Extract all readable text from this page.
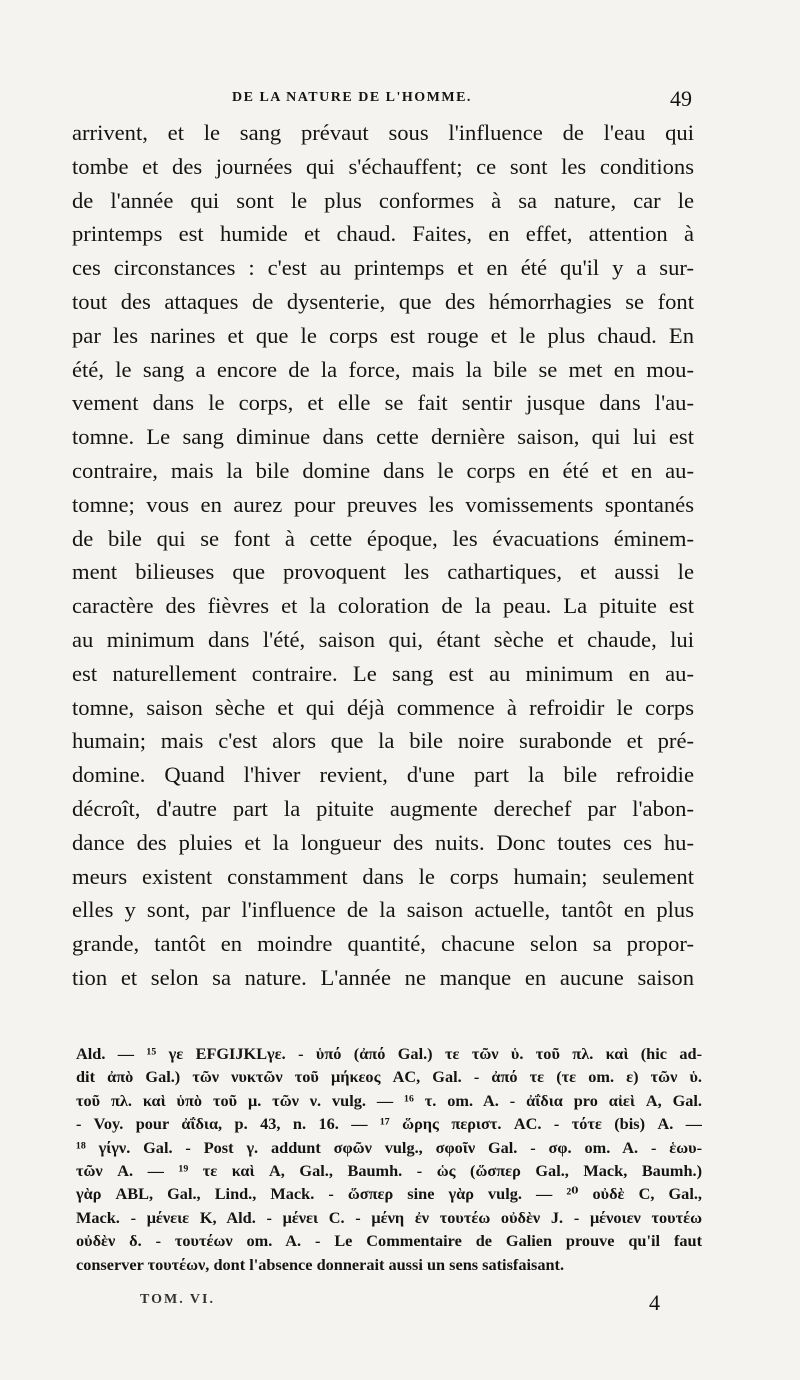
DE LA NATURE DE L'HOMME.	49
arrivent, et le sang prévaut sous l'influence de l'eau qui
tombe et des journées qui s'échauffent; ce sont les conditions
de l'année qui sont le plus conformes à sa nature, car le
printemps est humide et chaud. Faites, en effet, attention à
ces circonstances : c'est au printemps et en été qu'il y a sur-
tout des attaques de dysenterie, que des hémorrhagies se font
par les narines et que le corps est rouge et le plus chaud. En
été, le sang a encore de la force, mais la bile se met en mou-
vement dans le corps, et elle se fait sentir jusque dans l'au-
tomne. Le sang diminue dans cette dernière saison, qui lui est
contraire, mais la bile domine dans le corps en été et en au-
tomne; vous en aurez pour preuves les vomissements spontanés
de bile qui se font à cette époque, les évacuations éminem-
ment bilieuses que provoquent les cathartiques, et aussi le
caractère des fièvres et la coloration de la peau. La pituite est
au minimum dans l'été, saison qui, étant sèche et chaude, lui
est naturellement contraire. Le sang est au minimum en au-
tomne, saison sèche et qui déjà commence à refroidir le corps
humain; mais c'est alors que la bile noire surabonde et pré-
domine. Quand l'hiver revient, d'une part la bile refroidie
décroît, d'autre part la pituite augmente derechef par l'abon-
dance des pluies et la longueur des nuits. Donc toutes ces hu-
meurs existent constamment dans le corps humain; seulement
elles y sont, par l'influence de la saison actuelle, tantôt en plus
grande, tantôt en moindre quantité, chacune selon sa propor-
tion et selon sa nature. L'année ne manque en aucune saison
Ald. — ¹⁵ γε EFGIJKLγε. - ὑπό (ἀπό Gal.) τε τῶν ὑ. τοῦ πλ. καὶ (hic ad-
dit ἀπὸ Gal.) τῶν νυκτῶν τοῦ μήκεος AC, Gal. - ἀπό τε (τε om. ε) τῶν ὑ.
τοῦ πλ. καὶ ὑπὸ τοῦ μ. τῶν ν. vulg. — ¹⁶ τ. om. A. - ἀΐδια pro αἰεὶ A, Gal.
- Voy. pour ἀΐδια, p. 43, n. 16. — ¹⁷ ὥρης περιστ. AC. - τότε (bis) A. —
¹⁸ γίγν. Gal. - Post γ. addunt σφῶν vulg., σφοῖν Gal. - σφ. om. A. - ἑωυ-
τῶν A. — ¹⁹ τε καὶ A, Gal., Baumh. - ὡς (ὥσπερ Gal., Mack, Baumh.)
γὰρ ABL, Gal., Lind., Mack. - ὥσπερ sine γὰρ vulg. — ²⁰ οὐδὲ C, Gal.,
Mack. - μένειε K, Ald. - μένει C. - μένη ἐν τουτέω οὐδὲν J. - μένοιεν τουτέω
οὐδὲν δ. - τουτέων om. A. - Le Commentaire de Galien prouve qu'il faut
conserver τουτέων, dont l'absence donnerait aussi un sens satisfaisant.
TOM. VI.	4
